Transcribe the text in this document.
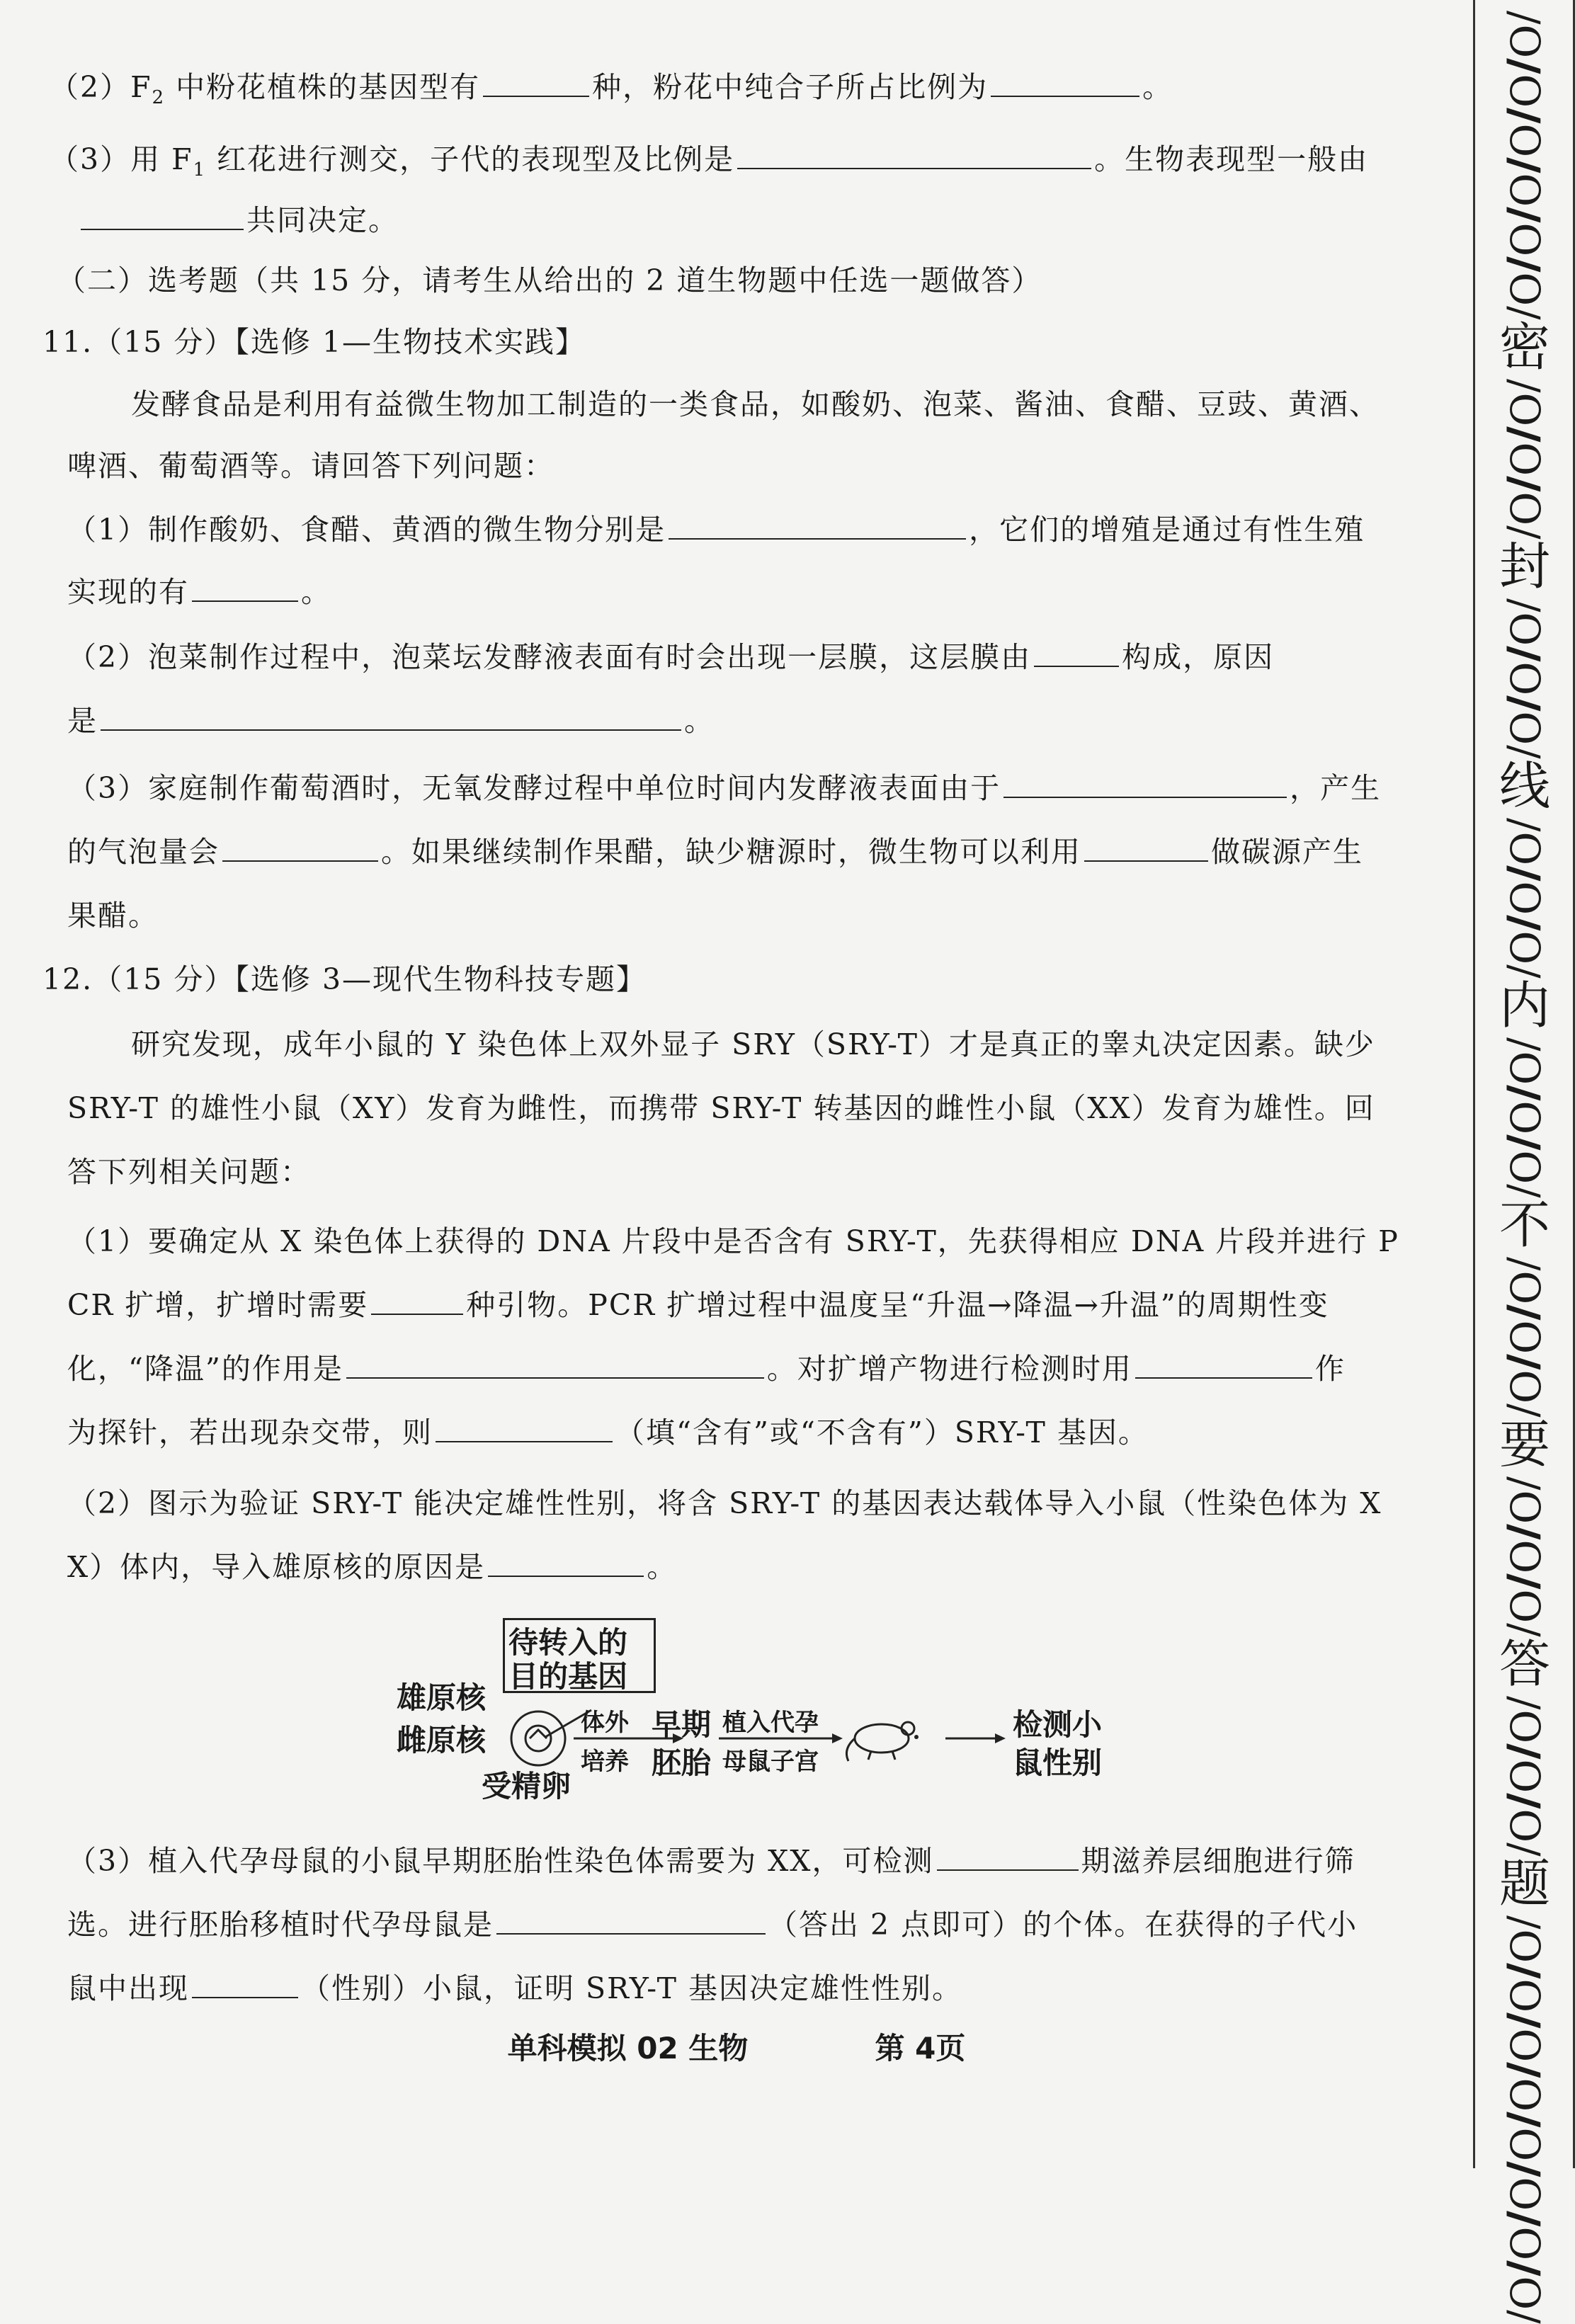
$(2)F_2$ 中粉花植株的基因型有	种，粉花中纯合子所占比例为	。
（3）用 $F_1$ 红花进行测交，子代的表现型及比例是	。生物表现型一般由
共同决定。
（二）选考题（共 15 分，请考生从给出的 2 道生物题中任选一题做答）
11.（15 分）【选修 1—生物技术实践】
发酵食品是利用有益微生物加工制造的一类食品，如酸奶、泡菜、酱油、食醋、豆豉、黄酒、
啤酒、葡萄酒等。请回答下列问题：
（1）制作酸奶、食醋、黄酒的微生物分别是	，它们的增殖是通过有性生殖
实现的有	。
（2）泡菜制作过程中，泡菜坛发酵液表面有时会出现一层膜，这层膜由	构成，原因
是	。
（3）家庭制作葡萄酒时，无氧发酵过程中单位时间内发酵液表面由于	，产生
的气泡量会	。如果继续制作果醋，缺少糖源时，微生物可以利用	做碳源产生
果醋。
12.（15 分）【选修 3—现代生物科技专题】
研究发现，成年小鼠的 Y 染色体上双外显子 SRY（SRY-T）才是真正的睾丸决定因素。缺少
SRY-T 的雄性小鼠（XY）发育为雌性，而携带 SRY-T 转基因的雌性小鼠（XX）发育为雄性。回
答下列相关问题：
（1）要确定从 X 染色体上获得的 DNA 片段中是否含有 SRY-T，先获得相应 DNA 片段并进行 P
CR 扩增，扩增时需要	种引物。PCR 扩增过程中温度呈“升温→降温→升温”的周期性变
化，“降温”的作用是	。对扩增产物进行检测时用	作
为探针，若出现杂交带，则	（填“含有”或“不含有”）SRY-T 基因。
（2）图示为验证 SRY-T 能决定雄性性别，将含 SRY-T 的基因表达载体导入小鼠（性染色体为 X
X）体内，导入雄原核的原因是	。
待转入的
目的基因
雄原核
雌原核
受精卵
体外
培养
早期
胚胎
植入代孕
母鼠子宫
检测小
鼠性别
（3）植入代孕母鼠的小鼠早期胚胎性染色体需要为 XX，可检测	期滋养层细胞进行筛
选。进行胚胎移植时代孕母鼠是	（答出 2 点即可）的个体。在获得的子代小
鼠中出现	（性别）小鼠，证明 SRY-T 基因决定雄性性别。
单科模拟 02 生物	第 4页
/O/
/O/
/O/
/O/
/O/
/O/
密
/O/
/O/
/O/
封
/O/
/O/
/O/
线
/O/
/O/
/O/
内
/O/
/O/
/O/
不
/O/
/O/
/O/
要
/O/
/O/
/O/
答
/O/
/O/
/O/
题
/O/
/O/
/O/
/O/
/O/
/O/
/O/
/O/
